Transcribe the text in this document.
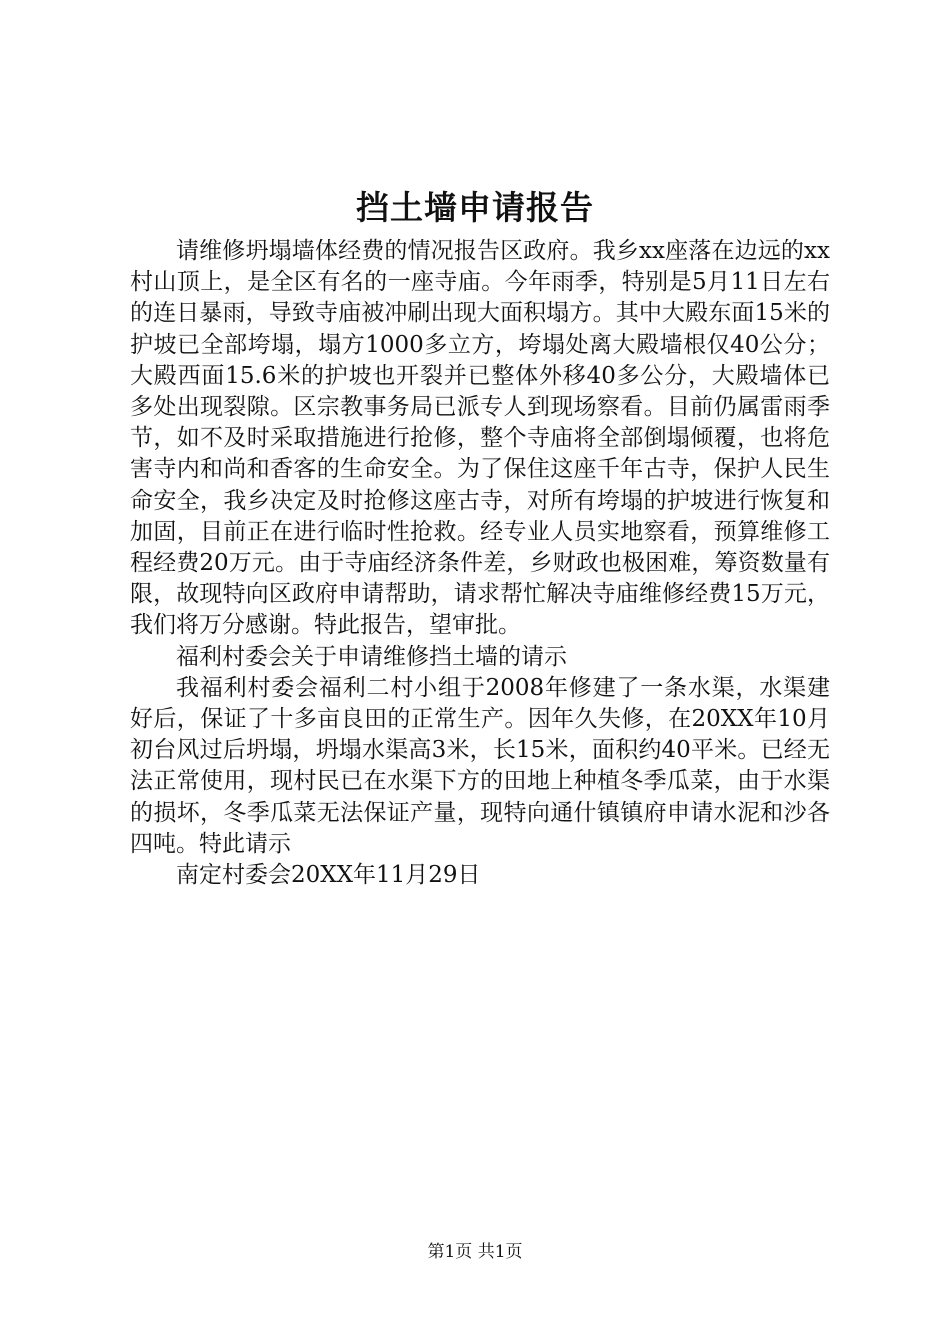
挡土墙申请报告

请维修坍塌墙体经费的情况报告区政府。我乡xx座落在边远的xx村山顶上，是全区有名的一座寺庙。今年雨季，特别是5月11日左右的连日暴雨，导致寺庙被冲刷出现大面积塌方。其中大殿东面15米的护坡已全部垮塌，塌方1000多立方，垮塌处离大殿墙根仅40公分；大殿西面15.6米的护坡也开裂并已整体外移40多公分，大殿墙体已多处出现裂隙。区宗教事务局已派专人到现场察看。目前仍属雷雨季节，如不及时采取措施进行抢修，整个寺庙将全部倒塌倾覆，也将危害寺内和尚和香客的生命安全。为了保住这座千年古寺，保护人民生命安全，我乡决定及时抢修这座古寺，对所有垮塌的护坡进行恢复和加固，目前正在进行临时性抢救。经专业人员实地察看，预算维修工程经费20万元。由于寺庙经济条件差，乡财政也极困难，筹资数量有限，故现特向区政府申请帮助，请求帮忙解决寺庙维修经费15万元，我们将万分感谢。特此报告，望审批。

福利村委会关于申请维修挡土墙的请示

我福利村委会福利二村小组于2008年修建了一条水渠，水渠建好后，保证了十多亩良田的正常生产。因年久失修，在20XX年10月初台风过后坍塌，坍塌水渠高3米，长15米，面积约40平米。已经无法正常使用，现村民已在水渠下方的田地上种植冬季瓜菜，由于水渠的损坏，冬季瓜菜无法保证产量，现特向通什镇镇府申请水泥和沙各四吨。特此请示

南定村委会20XX年11月29日

第1页 共1页
